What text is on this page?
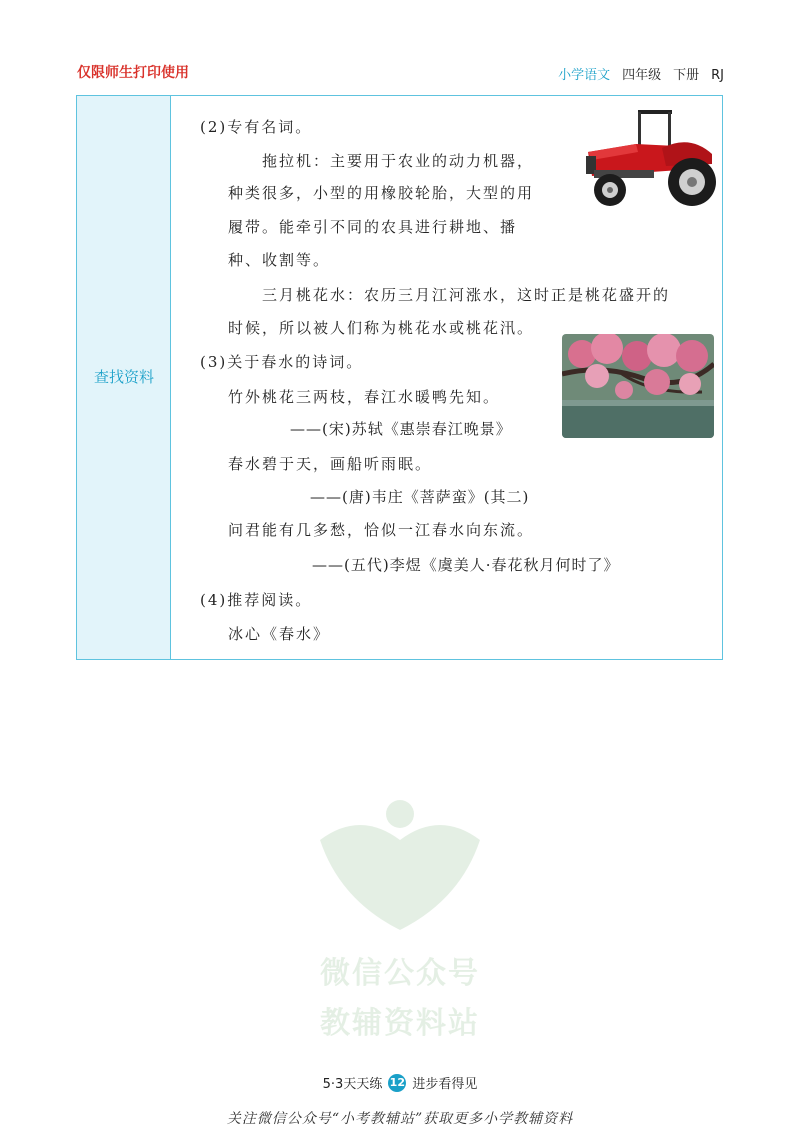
仅限师生打印使用	小学语文 四年级 下册 RJ
查找资料
(2)专有名词。
拖拉机：主要用于农业的动力机器，
种类很多，小型的用橡胶轮胎，大型的用
履带。能牵引不同的农具进行耕地、播
种、收割等。
三月桃花水：农历三月江河涨水，这时正是桃花盛开的
时候，所以被人们称为桃花水或桃花汛。
(3)关于春水的诗词。
竹外桃花三两枝，春江水暖鸭先知。
——(宋)苏轼《惠崇春江晚景》
春水碧于天，画船听雨眠。
——(唐)韦庄《菩萨蛮》(其二)
问君能有几多愁，恰似一江春水向东流。
——(五代)李煜《虞美人·春花秋月何时了》
(4)推荐阅读。
冰心《春水》
微信公众号
教辅资料站
5·3天天练 12 进步看得见
关注微信公众号“小考教辅站”获取更多小学教辅资料
